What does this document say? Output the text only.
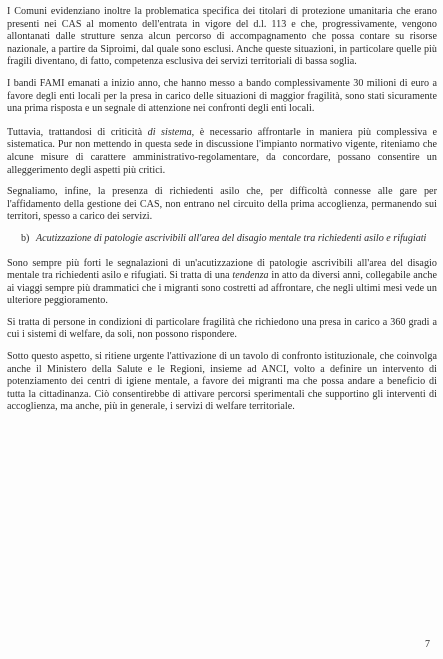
I Comuni evidenziano inoltre la problematica specifica dei titolari di protezione umanitaria che erano presenti nei CAS al momento dell'entrata in vigore del d.l. 113 e che, progressivamente, vengono allontanati dalle strutture senza alcun percorso di accompagnamento che possa contare su risorse nazionale, a partire da Siproimi, dal quale sono esclusi. Anche queste situazioni, in particolare quelle più fragili diventano, di fatto, competenza esclusiva dei servizi territoriali di bassa soglia.

I bandi FAMI emanati a inizio anno, che hanno messo a bando complessivamente 30 milioni di euro a favore degli enti locali per la presa in carico delle situazioni di maggior fragilità, sono stati sicuramente una prima risposta e un segnale di attenzione nei confronti degli enti locali.

Tuttavia, trattandosi di criticità di sistema, è necessario affrontarle in maniera più complessiva e sistematica. Pur non mettendo in questa sede in discussione l'impianto normativo vigente, riteniamo che alcune misure di carattere amministrativo-regolamentare, da concordare, possano consentire un alleggerimento degli aspetti più critici.

Segnaliamo, infine, la presenza di richiedenti asilo che, per difficoltà connesse alle gare per l'affidamento della gestione dei CAS, non entrano nel circuito della prima accoglienza, permanendo sui territori, spesso a carico dei servizi.

b) Acutizzazione di patologie ascrivibili all'area del disagio mentale tra richiedenti asilo e rifugiati

Sono sempre più forti le segnalazioni di un'acutizzazione di patologie ascrivibili all'area del disagio mentale tra richiedenti asilo e rifugiati. Si tratta di una tendenza in atto da diversi anni, collegabile anche ai viaggi sempre più drammatici che i migranti sono costretti ad affrontare, che negli ultimi mesi vede un ulteriore peggioramento.

Si tratta di persone in condizioni di particolare fragilità che richiedono una presa in carico a 360 gradi a cui i sistemi di welfare, da soli, non possono rispondere.

Sotto questo aspetto, si ritiene urgente l'attivazione di un tavolo di confronto istituzionale, che coinvolga anche il Ministero della Salute e le Regioni, insieme ad ANCI, volto a definire un intervento di potenziamento dei centri di igiene mentale, a favore dei migranti ma che possa andare a beneficio di tutta la cittadinanza. Ciò consentirebbe di attivare percorsi sperimentali che supportino gli interventi di accoglienza, ma anche, più in generale, i servizi di welfare territoriale.

7
